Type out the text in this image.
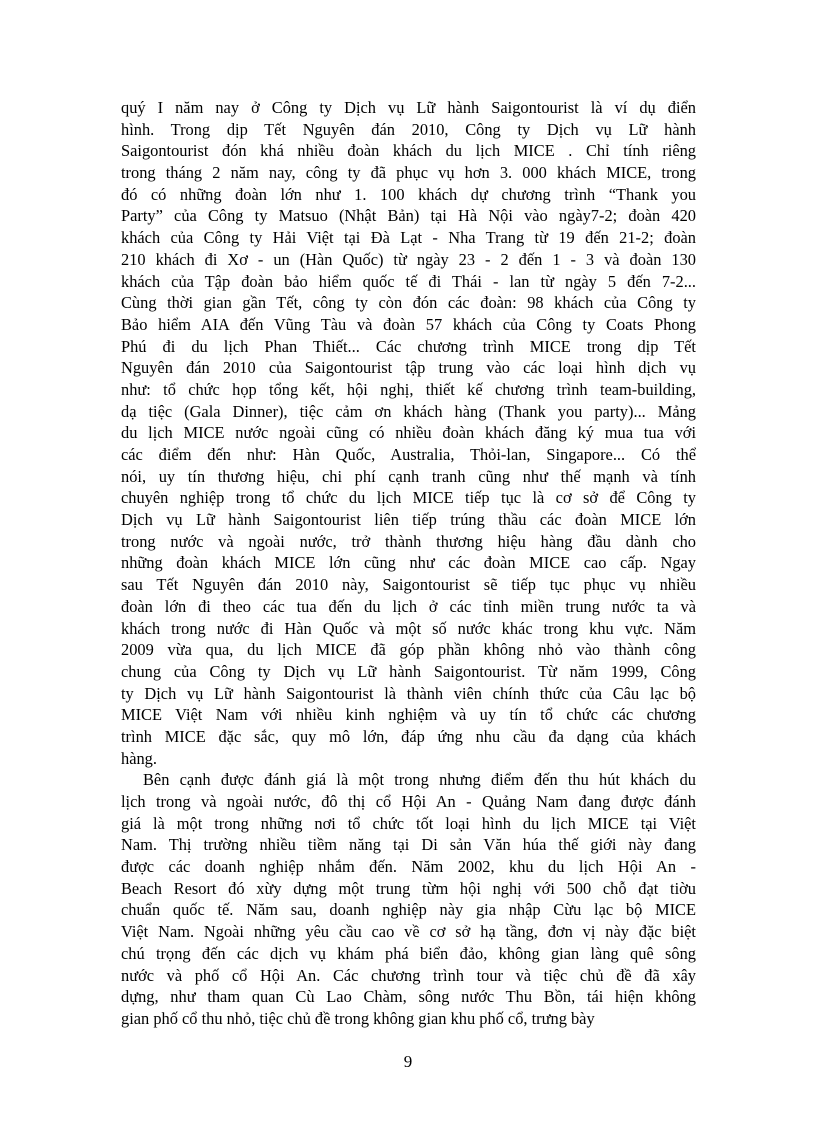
quý I năm nay ở Công ty Dịch vụ Lữ hành Saigontourist là ví dụ điển
hình. Trong dịp Tết Nguyên đán 2010, Công ty Dịch vụ Lữ hành
Saigontourist đón khá nhiều đoàn khách du lịch MICE . Chỉ tính riêng
trong tháng 2 năm nay, công ty đã phục vụ hơn 3. 000 khách MICE, trong
đó có những đoàn lớn như 1. 100 khách dự chương trình “Thank you
Party” của Công ty Matsuo (Nhật Bản) tại Hà Nội vào ngày7-2; đoàn 420
khách của Công ty Hải Việt tại Đà Lạt - Nha Trang từ 19 đến 21-2; đoàn
210 khách đi Xơ - un (Hàn Quốc) từ ngày 23 - 2 đến 1 - 3 và đoàn 130
khách của Tập đoàn bảo hiểm quốc tế đi Thái - lan từ ngày 5 đến 7-2...
Cùng thời gian gần Tết, công ty còn đón các đoàn: 98 khách của Công ty
Bảo hiểm AIA đến Vũng Tàu và đoàn 57 khách của Công ty Coats Phong
Phú đi du lịch Phan Thiết... Các chương trình MICE trong dịp Tết
Nguyên đán 2010 của Saigontourist tập trung vào các loại hình dịch vụ
như: tổ chức họp tổng kết, hội nghị, thiết kế chương trình team-building,
dạ tiệc (Gala Dinner), tiệc cảm ơn khách hàng (Thank you party)... Mảng
du lịch MICE nước ngoài cũng có nhiều đoàn khách đăng ký mua tua với
các điểm đến như: Hàn Quốc, Australia, Thỏi-lan, Singapore... Có thể
nói, uy tín thương hiệu, chi phí cạnh tranh cũng như thế mạnh và tính
chuyên nghiệp trong tổ chức du lịch MICE tiếp tục là cơ sở để Công ty
Dịch vụ Lữ hành Saigontourist liên tiếp trúng thầu các đoàn MICE lớn
trong nước và ngoài nước, trở thành thương hiệu hàng đầu dành cho
những đoàn khách MICE lớn cũng như các đoàn MICE cao cấp. Ngay
sau Tết Nguyên đán 2010 này, Saigontourist sẽ tiếp tục phục vụ nhiều
đoàn lớn đi theo các tua đến du lịch ở các tỉnh miền trung nước ta và
khách trong nước đi Hàn Quốc và một số nước khác trong khu vực. Năm
2009 vừa qua, du lịch MICE đã góp phần không nhỏ vào thành công
chung của Công ty Dịch vụ Lữ hành Saigontourist. Từ năm 1999, Công
ty Dịch vụ Lữ hành Saigontourist là thành viên chính thức của Câu lạc bộ
MICE Việt Nam với nhiều kinh nghiệm và uy tín tổ chức các chương
trình MICE đặc sắc, quy mô lớn, đáp ứng nhu cầu đa dạng của khách
hàng.
Bên cạnh được đánh giá là một trong nhưng điểm đến thu hút khách du
lịch trong và ngoài nước, đô thị cổ Hội An - Quảng Nam đang được đánh
giá là một trong những nơi tổ chức tốt loại hình du lịch MICE tại Việt
Nam. Thị trường nhiều tiềm năng tại Di sản Văn húa thế giới này đang
được các doanh nghiệp nhắm đến. Năm 2002, khu du lịch Hội An -
Beach Resort đó xừy dựng một trung từm hội nghị với 500 chỗ đạt tiờu
chuẩn quốc tế. Năm sau, doanh nghiệp này gia nhập Cừu lạc bộ MICE
Việt Nam. Ngoài những yêu cầu cao về cơ sở hạ tầng, đơn vị này đặc biệt
chú trọng đến các dịch vụ khám phá biển đảo, không gian làng quê sông
nước và phố cổ Hội An. Các chương trình tour và tiệc chủ đề đã xây
dựng, như tham quan Cù Lao Chàm, sông nước Thu Bồn, tái hiện không
gian phố cổ thu nhỏ, tiệc chủ đề trong không gian khu phố cổ, trưng bày
9
